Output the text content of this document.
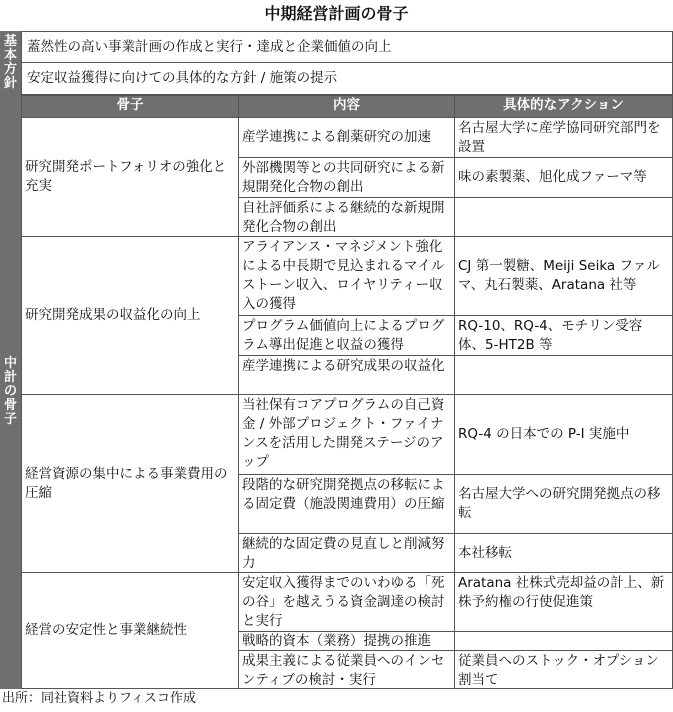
中期経営計画の骨子
基本方針
蓋然性の高い事業計画の作成と実行・達成と企業価値の向上
安定収益獲得に向けての具体的な方針 / 施策の提示
中計の骨子
骨子	内容	具体的なアクション
研究開発ポートフォリオの強化と充実
産学連携による創薬研究の加速
名古屋大学に産学協同研究部門を設置
外部機関等との共同研究による新規開発化合物の創出
味の素製薬、旭化成ファーマ等
自社評価系による継続的な新規開発化合物の創出
研究開発成果の収益化の向上
アライアンス・マネジメント強化による中長期で見込まれるマイルストーン収入、ロイヤリティー収入の獲得
CJ 第一製糖、Meiji Seika ファルマ、丸石製薬、Aratana 社等
プログラム価値向上によるプログラム導出促進と収益の獲得
RQ-10、RQ-4、モチリン受容体、5-HT2B 等
産学連携による研究成果の収益化
経営資源の集中による事業費用の圧縮
当社保有コアプログラムの自己資金 / 外部プロジェクト・ファイナンスを活用した開発ステージのアップ
RQ-4 の日本での P-I 実施中
段階的な研究開発拠点の移転による固定費（施設関連費用）の圧縮
名古屋大学への研究開発拠点の移転
継続的な固定費の見直しと削減努力
本社移転
経営の安定性と事業継続性
安定収入獲得までのいわゆる「死の谷」を越えうる資金調達の検討と実行
Aratana 社株式売却益の計上、新株予約権の行使促進策
戦略的資本（業務）提携の推進
成果主義による従業員へのインセンティブの検討・実行
従業員へのストック・オプション割当て
出所：同社資料よりフィスコ作成
